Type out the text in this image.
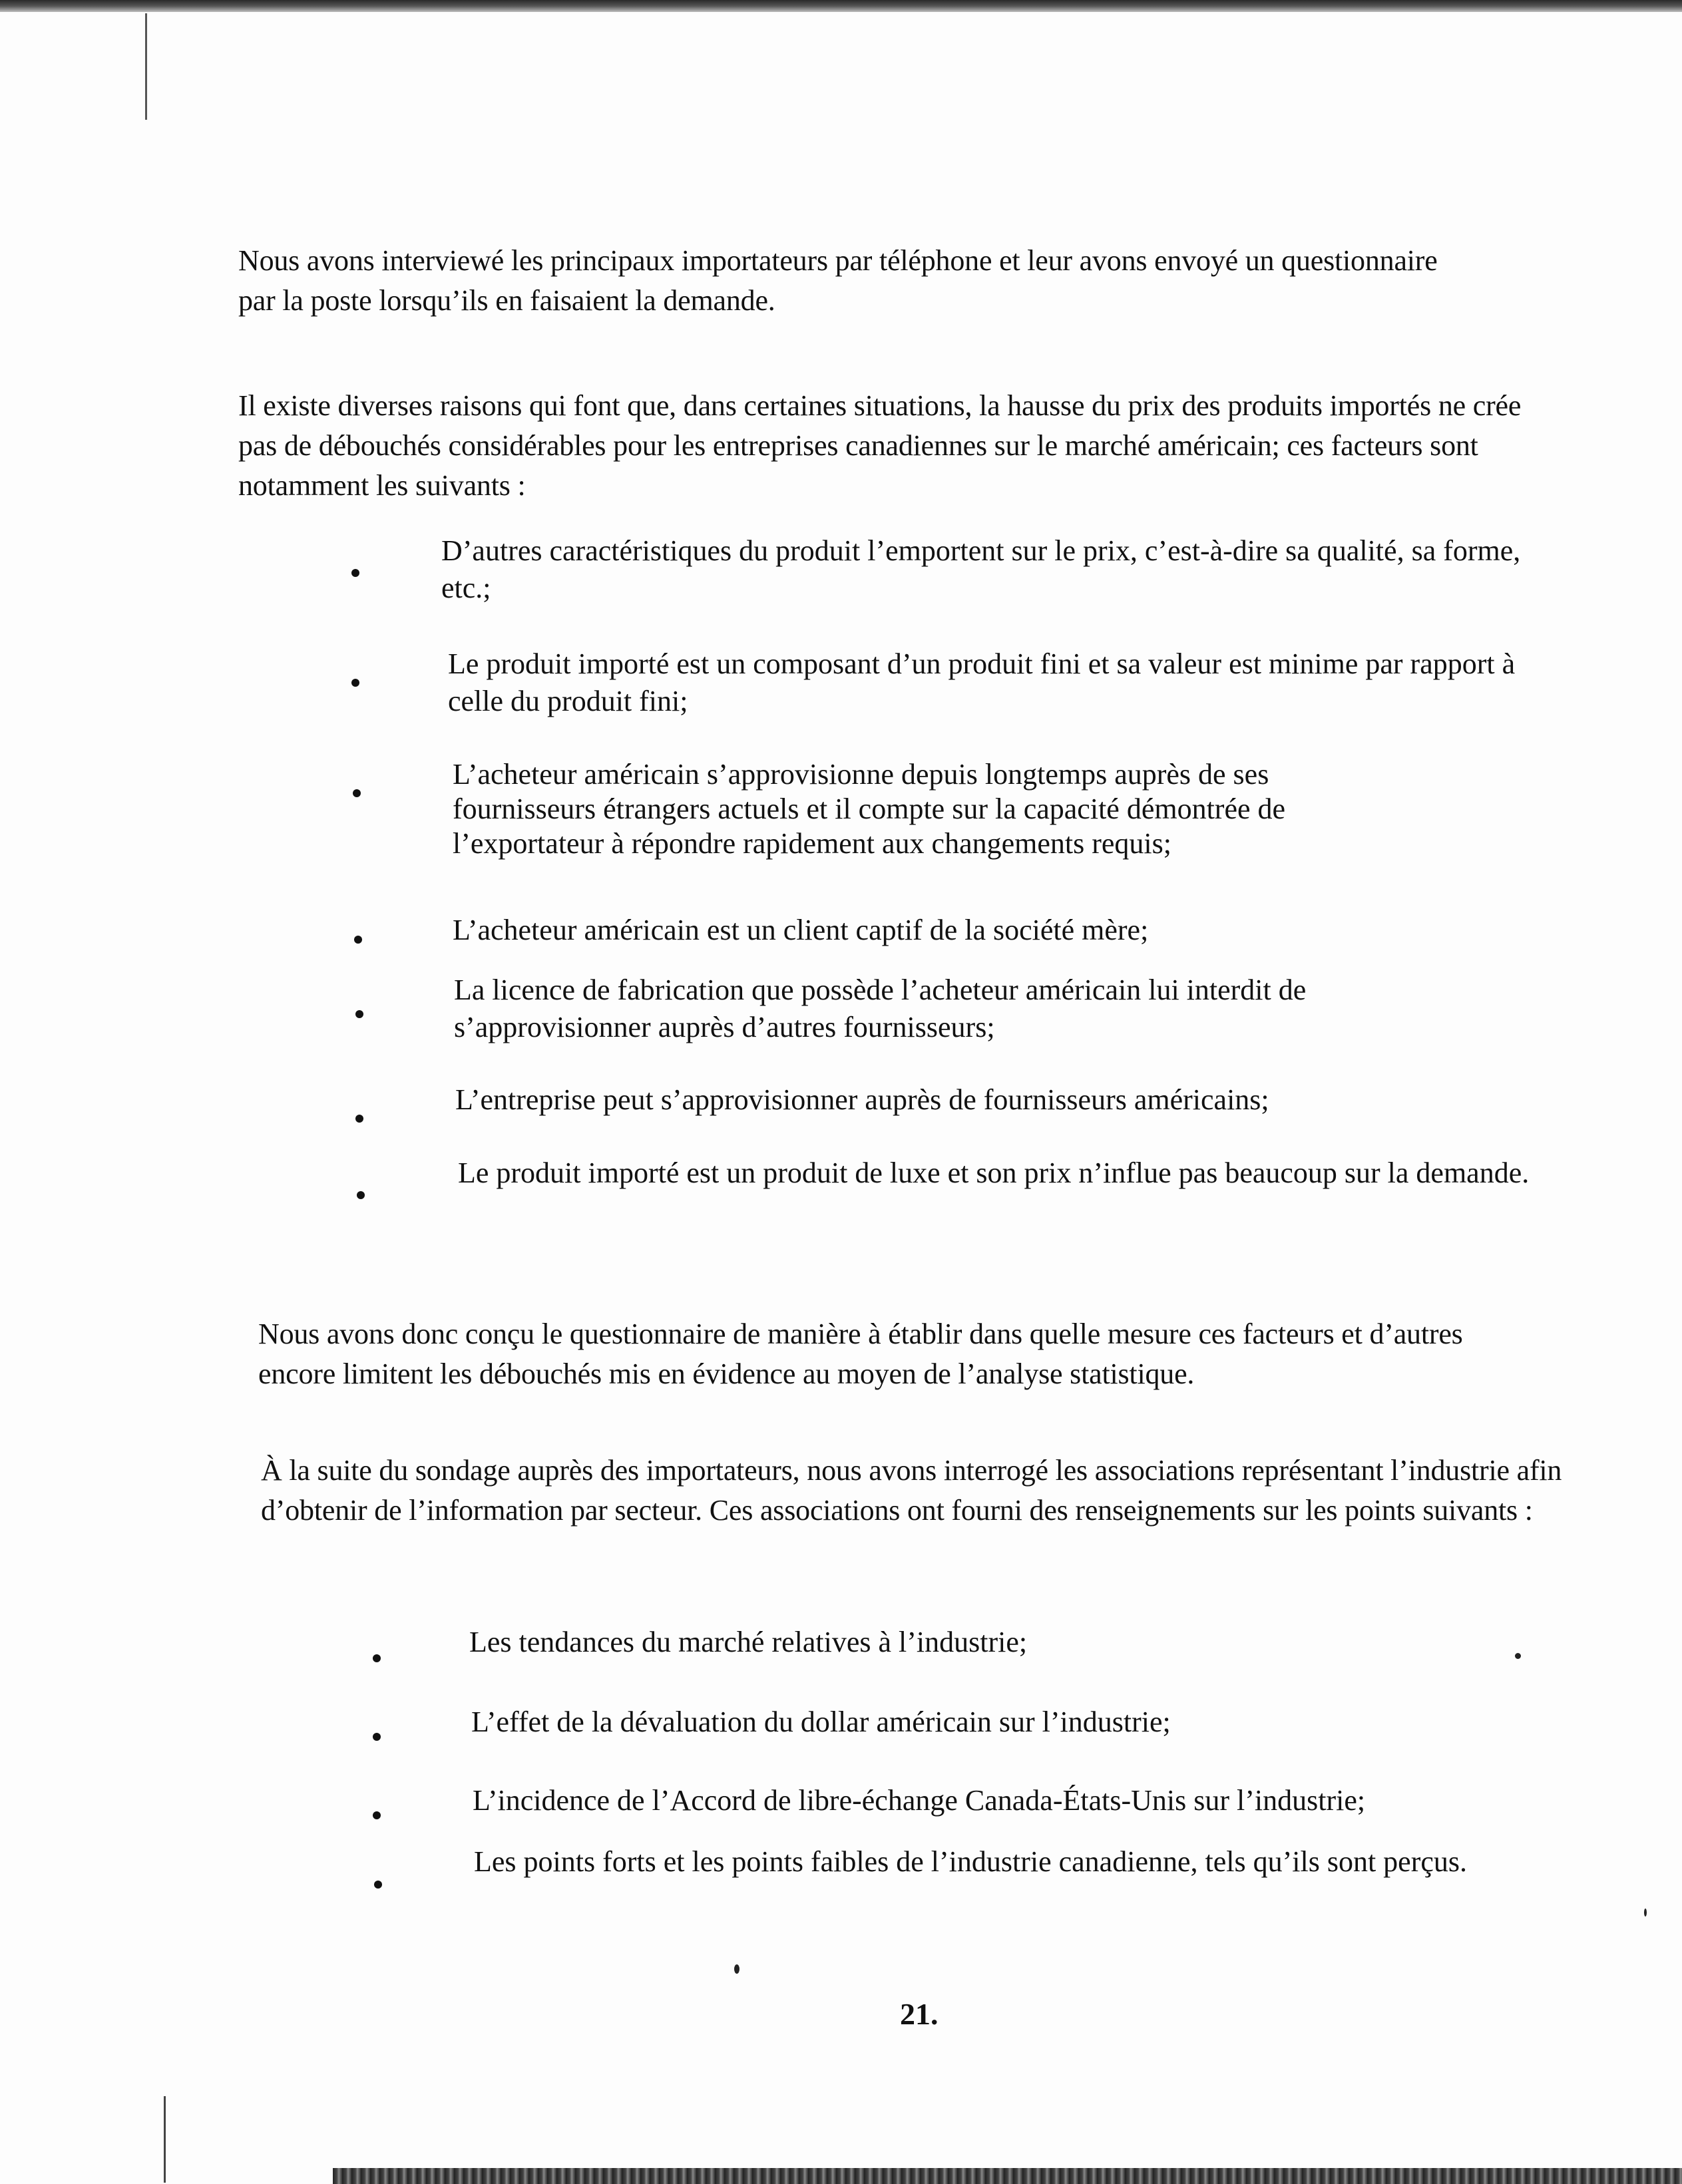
Nous avons interviewé les principaux importateurs par téléphone et leur avons envoyé un questionnaire par la poste lorsqu’ils en faisaient la demande.

Il existe diverses raisons qui font que, dans certaines situations, la hausse du prix des produits importés ne crée pas de débouchés considérables pour les entreprises canadiennes sur le marché américain; ces facteurs sont notamment les suivants :

D’autres caractéristiques du produit l’emportent sur le prix, c’est-à-dire sa qualité, sa forme, etc.;
Le produit importé est un composant d’un produit fini et sa valeur est minime par rapport à celle du produit fini;
L’acheteur américain s’approvisionne depuis longtemps auprès de ses fournisseurs étrangers actuels et il compte sur la capacité démontrée de l’exportateur à répondre rapidement aux changements requis;
L’acheteur américain est un client captif de la société mère;
La licence de fabrication que possède l’acheteur américain lui interdit de s’approvisionner auprès d’autres fournisseurs;
L’entreprise peut s’approvisionner auprès de fournisseurs américains;
Le produit importé est un produit de luxe et son prix n’influe pas beaucoup sur la demande.

Nous avons donc conçu le questionnaire de manière à établir dans quelle mesure ces facteurs et d’autres encore limitent les débouchés mis en évidence au moyen de l’analyse statistique.

À la suite du sondage auprès des importateurs, nous avons interrogé les associations représentant l’industrie afin d’obtenir de l’information par secteur. Ces associations ont fourni des renseignements sur les points suivants :

Les tendances du marché relatives à l’industrie;
L’effet de la dévaluation du dollar américain sur l’industrie;
L’incidence de l’Accord de libre-échange Canada-États-Unis sur l’industrie;
Les points forts et les points faibles de l’industrie canadienne, tels qu’ils sont perçus.
21.
